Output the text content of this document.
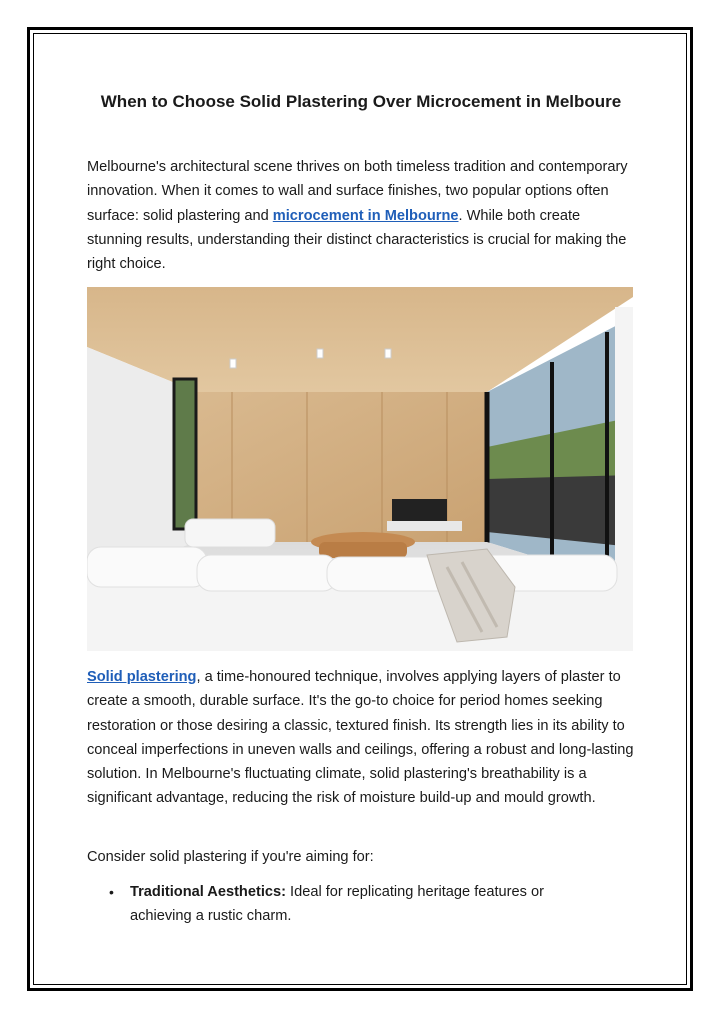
When to Choose Solid Plastering Over Microcement in Melboure

Melbourne's architectural scene thrives on both timeless tradition and contemporary innovation. When it comes to wall and surface finishes, two popular options often surface: solid plastering and microcement in Melbourne. While both create stunning results, understanding their distinct characteristics is crucial for making the right choice.

Solid plastering, a time-honoured technique, involves applying layers of plaster to create a smooth, durable surface. It's the go-to choice for period homes seeking restoration or those desiring a classic, textured finish. Its strength lies in its ability to conceal imperfections in uneven walls and ceilings, offering a robust and long-lasting solution. In Melbourne's fluctuating climate, solid plastering's breathability is a significant advantage, reducing the risk of moisture build-up and mould growth.

Consider solid plastering if you're aiming for:

• Traditional Aesthetics: Ideal for replicating heritage features or achieving a rustic charm.
